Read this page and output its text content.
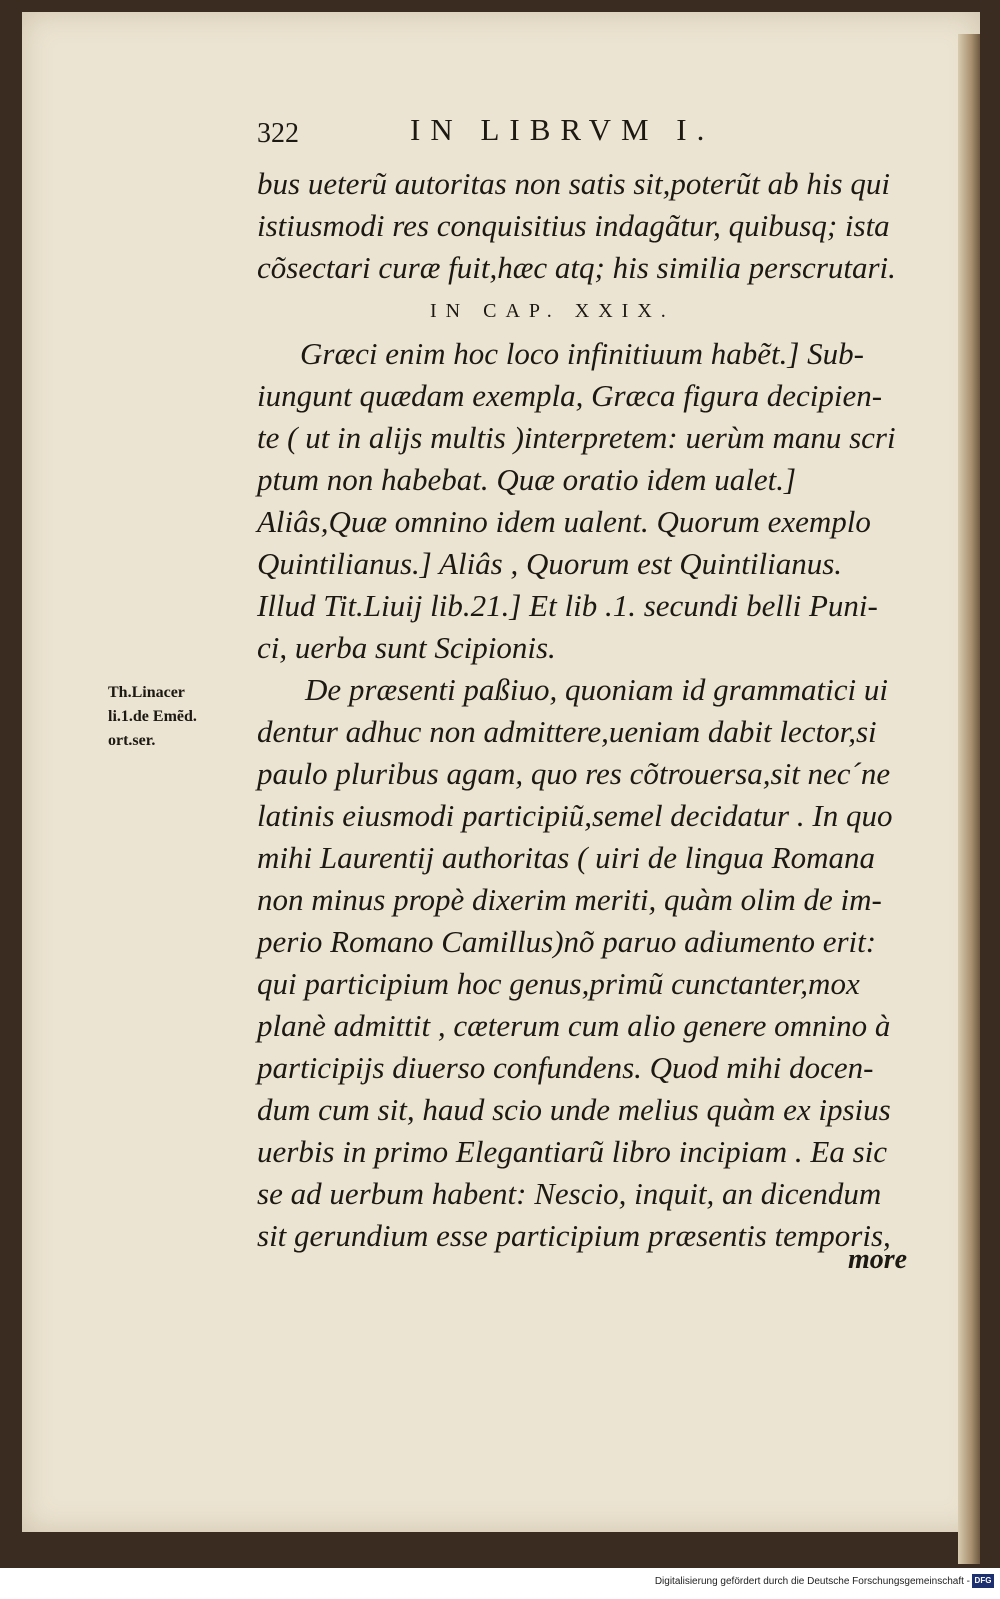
322	IN LIBRVM I.
bus ueterũ autoritas non satis sit,poterũt ab his qui
istiusmodi res conquisitius indagãtur, quibusq; ista
cõsectari curæ fuit,hæc atq; his similia perscrutari.
IN CAP. XXIX.
Græci enim hoc loco infinitiuum habẽt.] Sub-
iungunt quædam exempla, Græca figura decipien-
te ( ut in aliјs multis )interpretem: uerùm manu scri
ptum non habebat. Quæ oratio idem ualet.]
Aliâs,Quæ omnino idem ualent. Quorum exemplo
Quintilianus.] Aliâs , Quorum est Quintilianus.
Illud Tit.Liuij lib.21.] Et lib .1. secundi belli Puni-
ci, uerba sunt Scipionis.
De præsenti paßiuo, quoniam id grammatici ui
dentur adhuc non admittere,ueniam dabit lector,si
paulo pluribus agam, quo res cõtrouersa,sit nec´ne
latinis eiusmodi participiũ,semel decidatur . In quo
mihi Laurentij authoritas ( uiri de lingua Romana
non minus propè dixerim meriti, quàm olim de im-
perio Romano Camillus)nõ paruo adiumento erit:
qui participium hoc genus,primũ cunctanter,mox
planè admittit , cæterum cum alio genere omnino à
participiјs diuerso confundens. Quod mihi docen-
dum cum sit, haud scio unde melius quàm ex ipsius
uerbis in primo Elegantiarũ libro incipiam . Ea sic
se ad uerbum habent: Nescio, inquit, an dicendum
sit gerundium esse participium præsentis temporis,
more
Th.Linacer
li.1.de Emẽd.
ort.ser.
Digitalisierung gefördert durch die Deutsche Forschungsgemeinschaft - DFG
